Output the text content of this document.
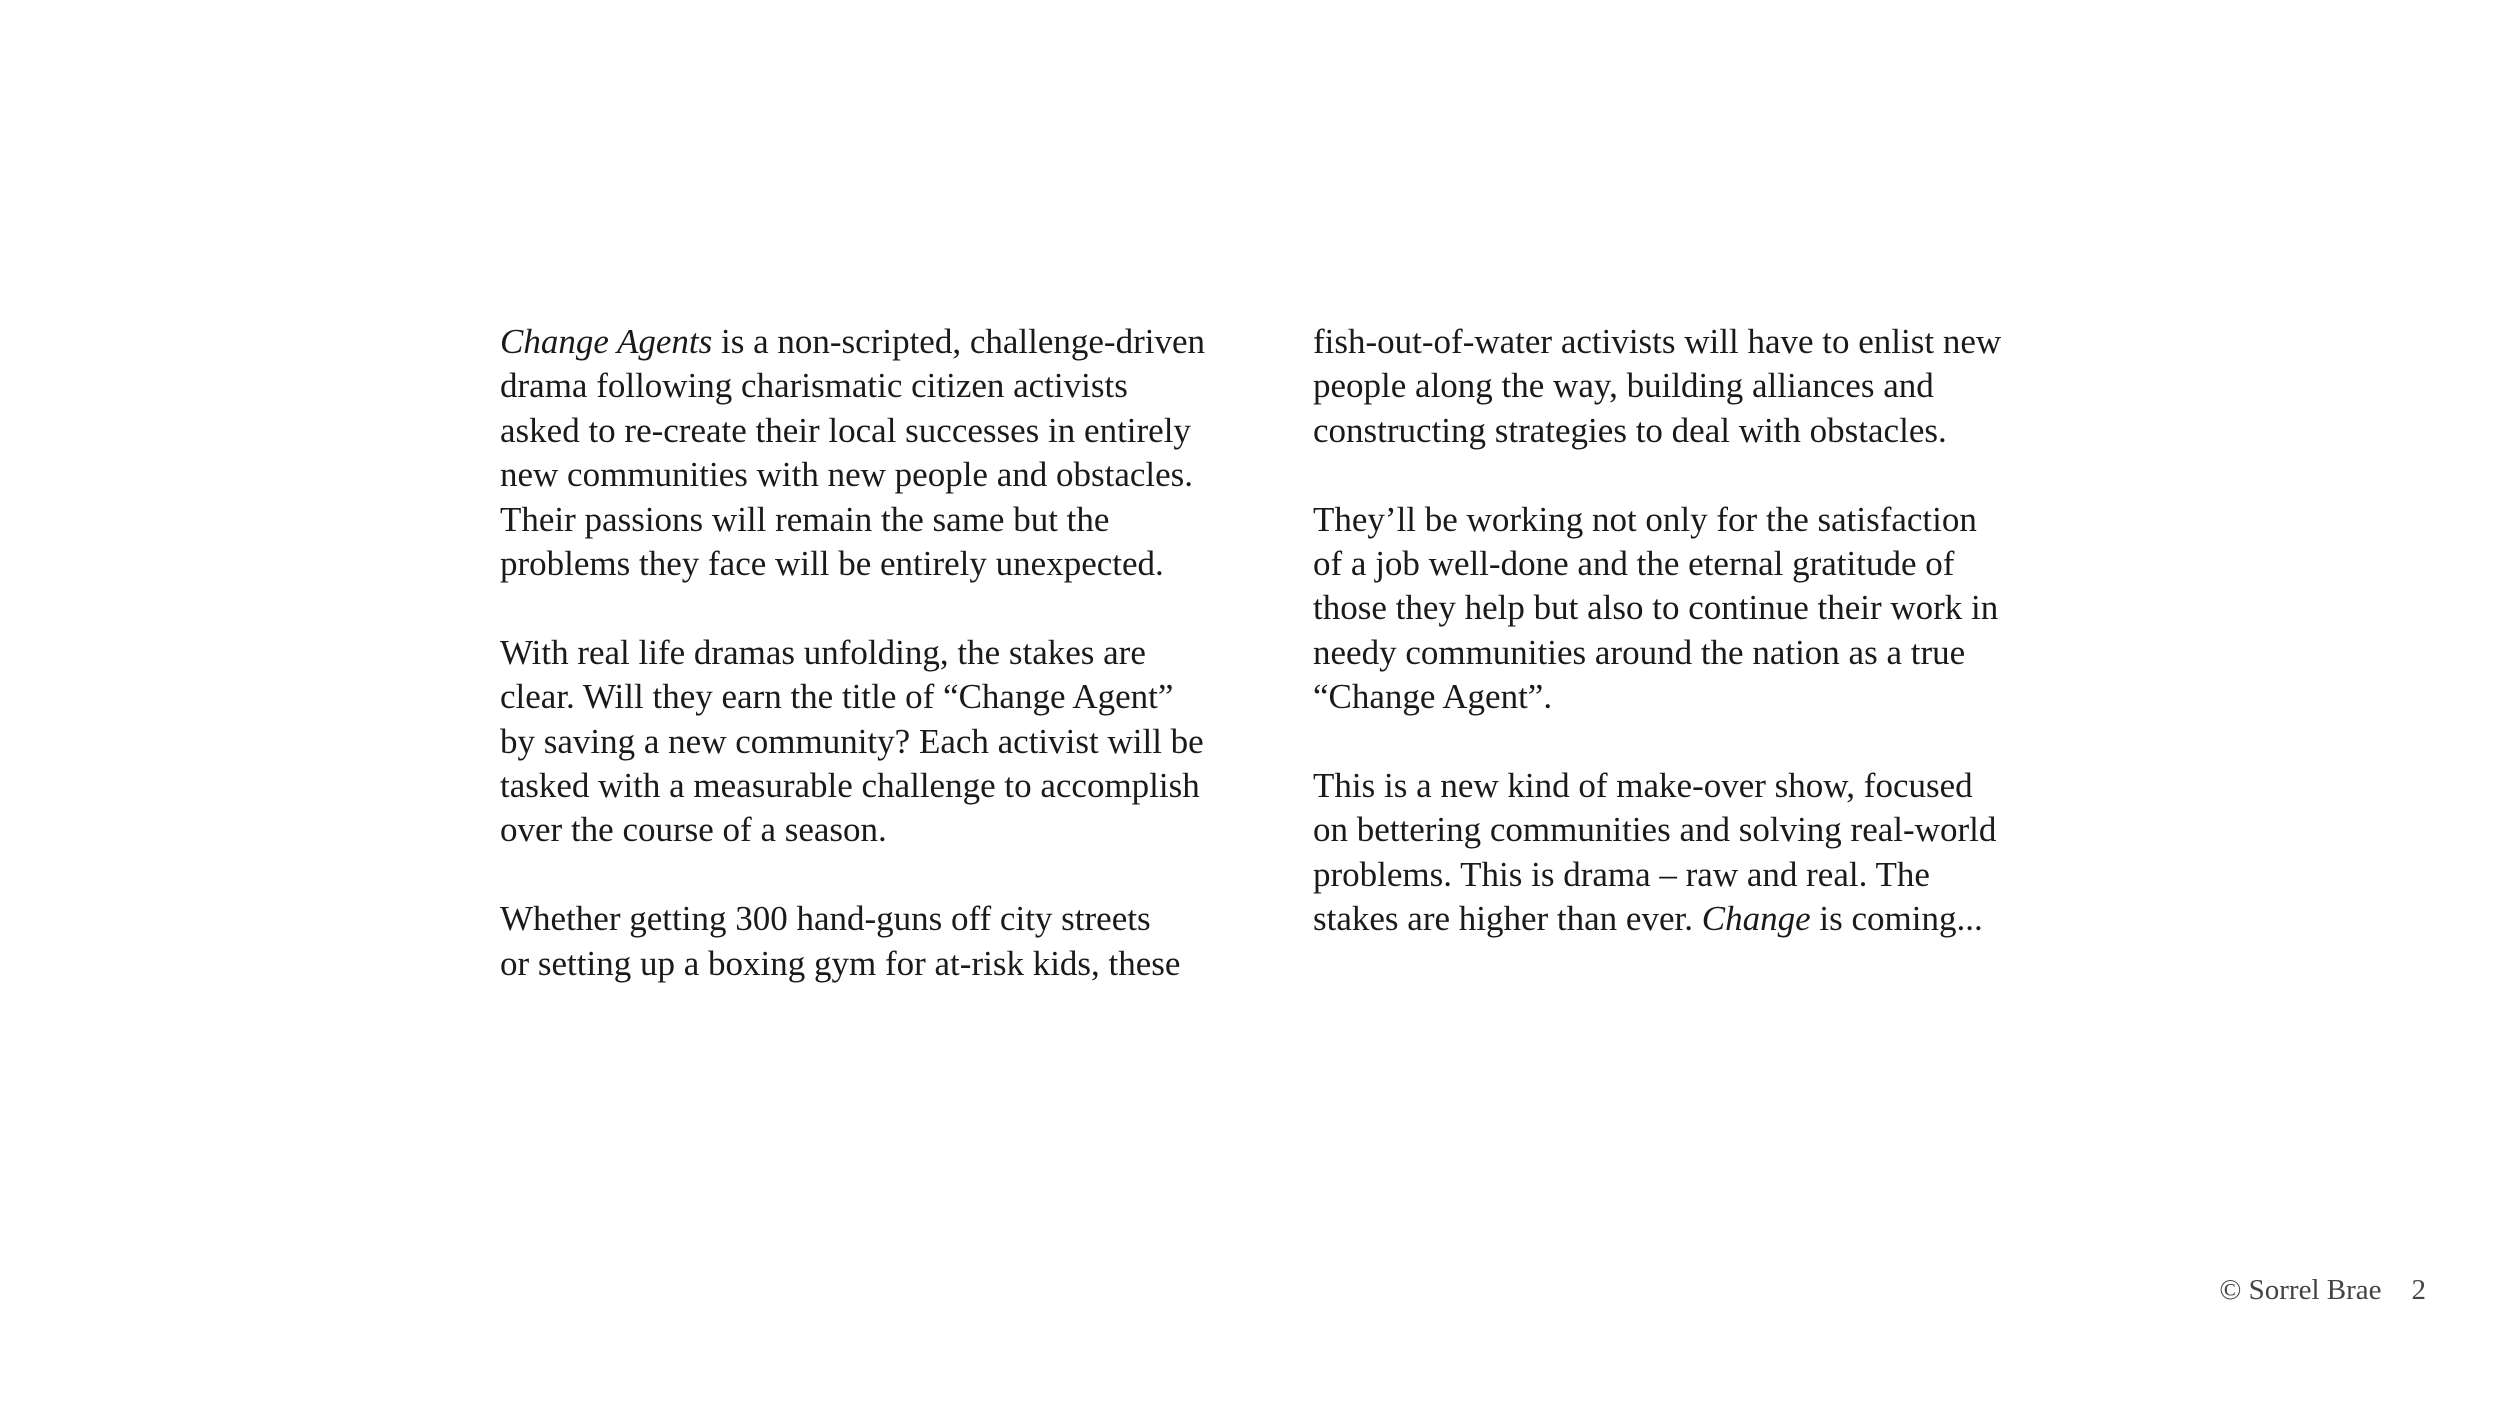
Change Agents is a non-scripted, challenge-driven
drama following charismatic citizen activists
asked to re-create their local successes in entirely
new communities with new people and obstacles.
Their passions will remain the same but the
problems they face will be entirely unexpected.

With real life dramas unfolding, the stakes are
clear. Will they earn the title of “Change Agent”
by saving a new community? Each activist will be
tasked with a measurable challenge to accomplish
over the course of a season.

Whether getting 300 hand-guns off city streets
or setting up a boxing gym for at-risk kids, these

fish-out-of-water activists will have to enlist new
people along the way, building alliances and
constructing strategies to deal with obstacles.

They’ll be working not only for the satisfaction
of a job well-done and the eternal gratitude of
those they help but also to continue their work in
needy communities around the nation as a true
“Change Agent”.

This is a new kind of make-over show, focused
on bettering communities and solving real-world
problems. This is drama – raw and real. The
stakes are higher than ever. Change is coming...

© Sorrel Brae 2
